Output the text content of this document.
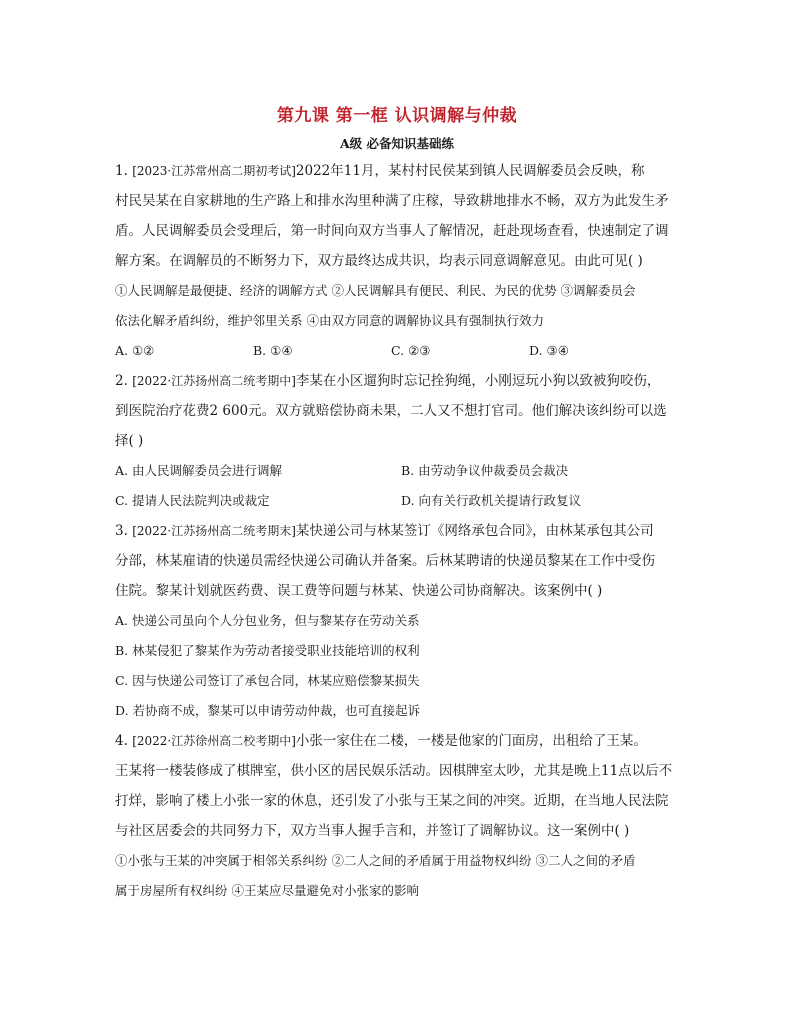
第九课 第一框 认识调解与仲裁
A级 必备知识基础练

1. [2023·江苏常州高二期初考试]2022年11月，某村村民侯某到镇人民调解委员会反映，称

村民吴某在自家耕地的生产路上和排水沟里种满了庄稼，导致耕地排水不畅，双方为此发生矛

盾。人民调解委员会受理后，第一时间向双方当事人了解情况，赶赴现场查看，快速制定了调

解方案。在调解员的不断努力下，双方最终达成共识，均表示同意调解意见。由此可见( )

①人民调解是最便捷、经济的调解方式 ②人民调解具有便民、利民、为民的优势 ③调解委员会

依法化解矛盾纠纷，维护邻里关系 ④由双方同意的调解协议具有强制执行效力

A. ①②	B. ①④	C. ②③	D. ③④

2. [2022·江苏扬州高二统考期中]李某在小区遛狗时忘记拴狗绳，小刚逗玩小狗以致被狗咬伤，

到医院治疗花费2 600元。双方就赔偿协商未果，二人又不想打官司。他们解决该纠纷可以选

择( )

A. 由人民调解委员会进行调解	B. 由劳动争议仲裁委员会裁决
C. 提请人民法院判决或裁定	D. 向有关行政机关提请行政复议

3. [2022·江苏扬州高二统考期末]某快递公司与林某签订《网络承包合同》，由林某承包其公司

分部，林某雇请的快递员需经快递公司确认并备案。后林某聘请的快递员黎某在工作中受伤

住院。黎某计划就医药费、误工费等问题与林某、快递公司协商解决。该案例中( )

A. 快递公司虽向个人分包业务，但与黎某存在劳动关系

B. 林某侵犯了黎某作为劳动者接受职业技能培训的权利

C. 因与快递公司签订了承包合同，林某应赔偿黎某损失

D. 若协商不成，黎某可以申请劳动仲裁，也可直接起诉

4. [2022·江苏徐州高二校考期中]小张一家住在二楼，一楼是他家的门面房，出租给了王某。

王某将一楼装修成了棋牌室，供小区的居民娱乐活动。因棋牌室太吵，尤其是晚上11点以后不

打烊，影响了楼上小张一家的休息，还引发了小张与王某之间的冲突。近期，在当地人民法院

与社区居委会的共同努力下，双方当事人握手言和，并签订了调解协议。这一案例中( )

①小张与王某的冲突属于相邻关系纠纷 ②二人之间的矛盾属于用益物权纠纷 ③二人之间的矛盾

属于房屋所有权纠纷 ④王某应尽量避免对小张家的影响
